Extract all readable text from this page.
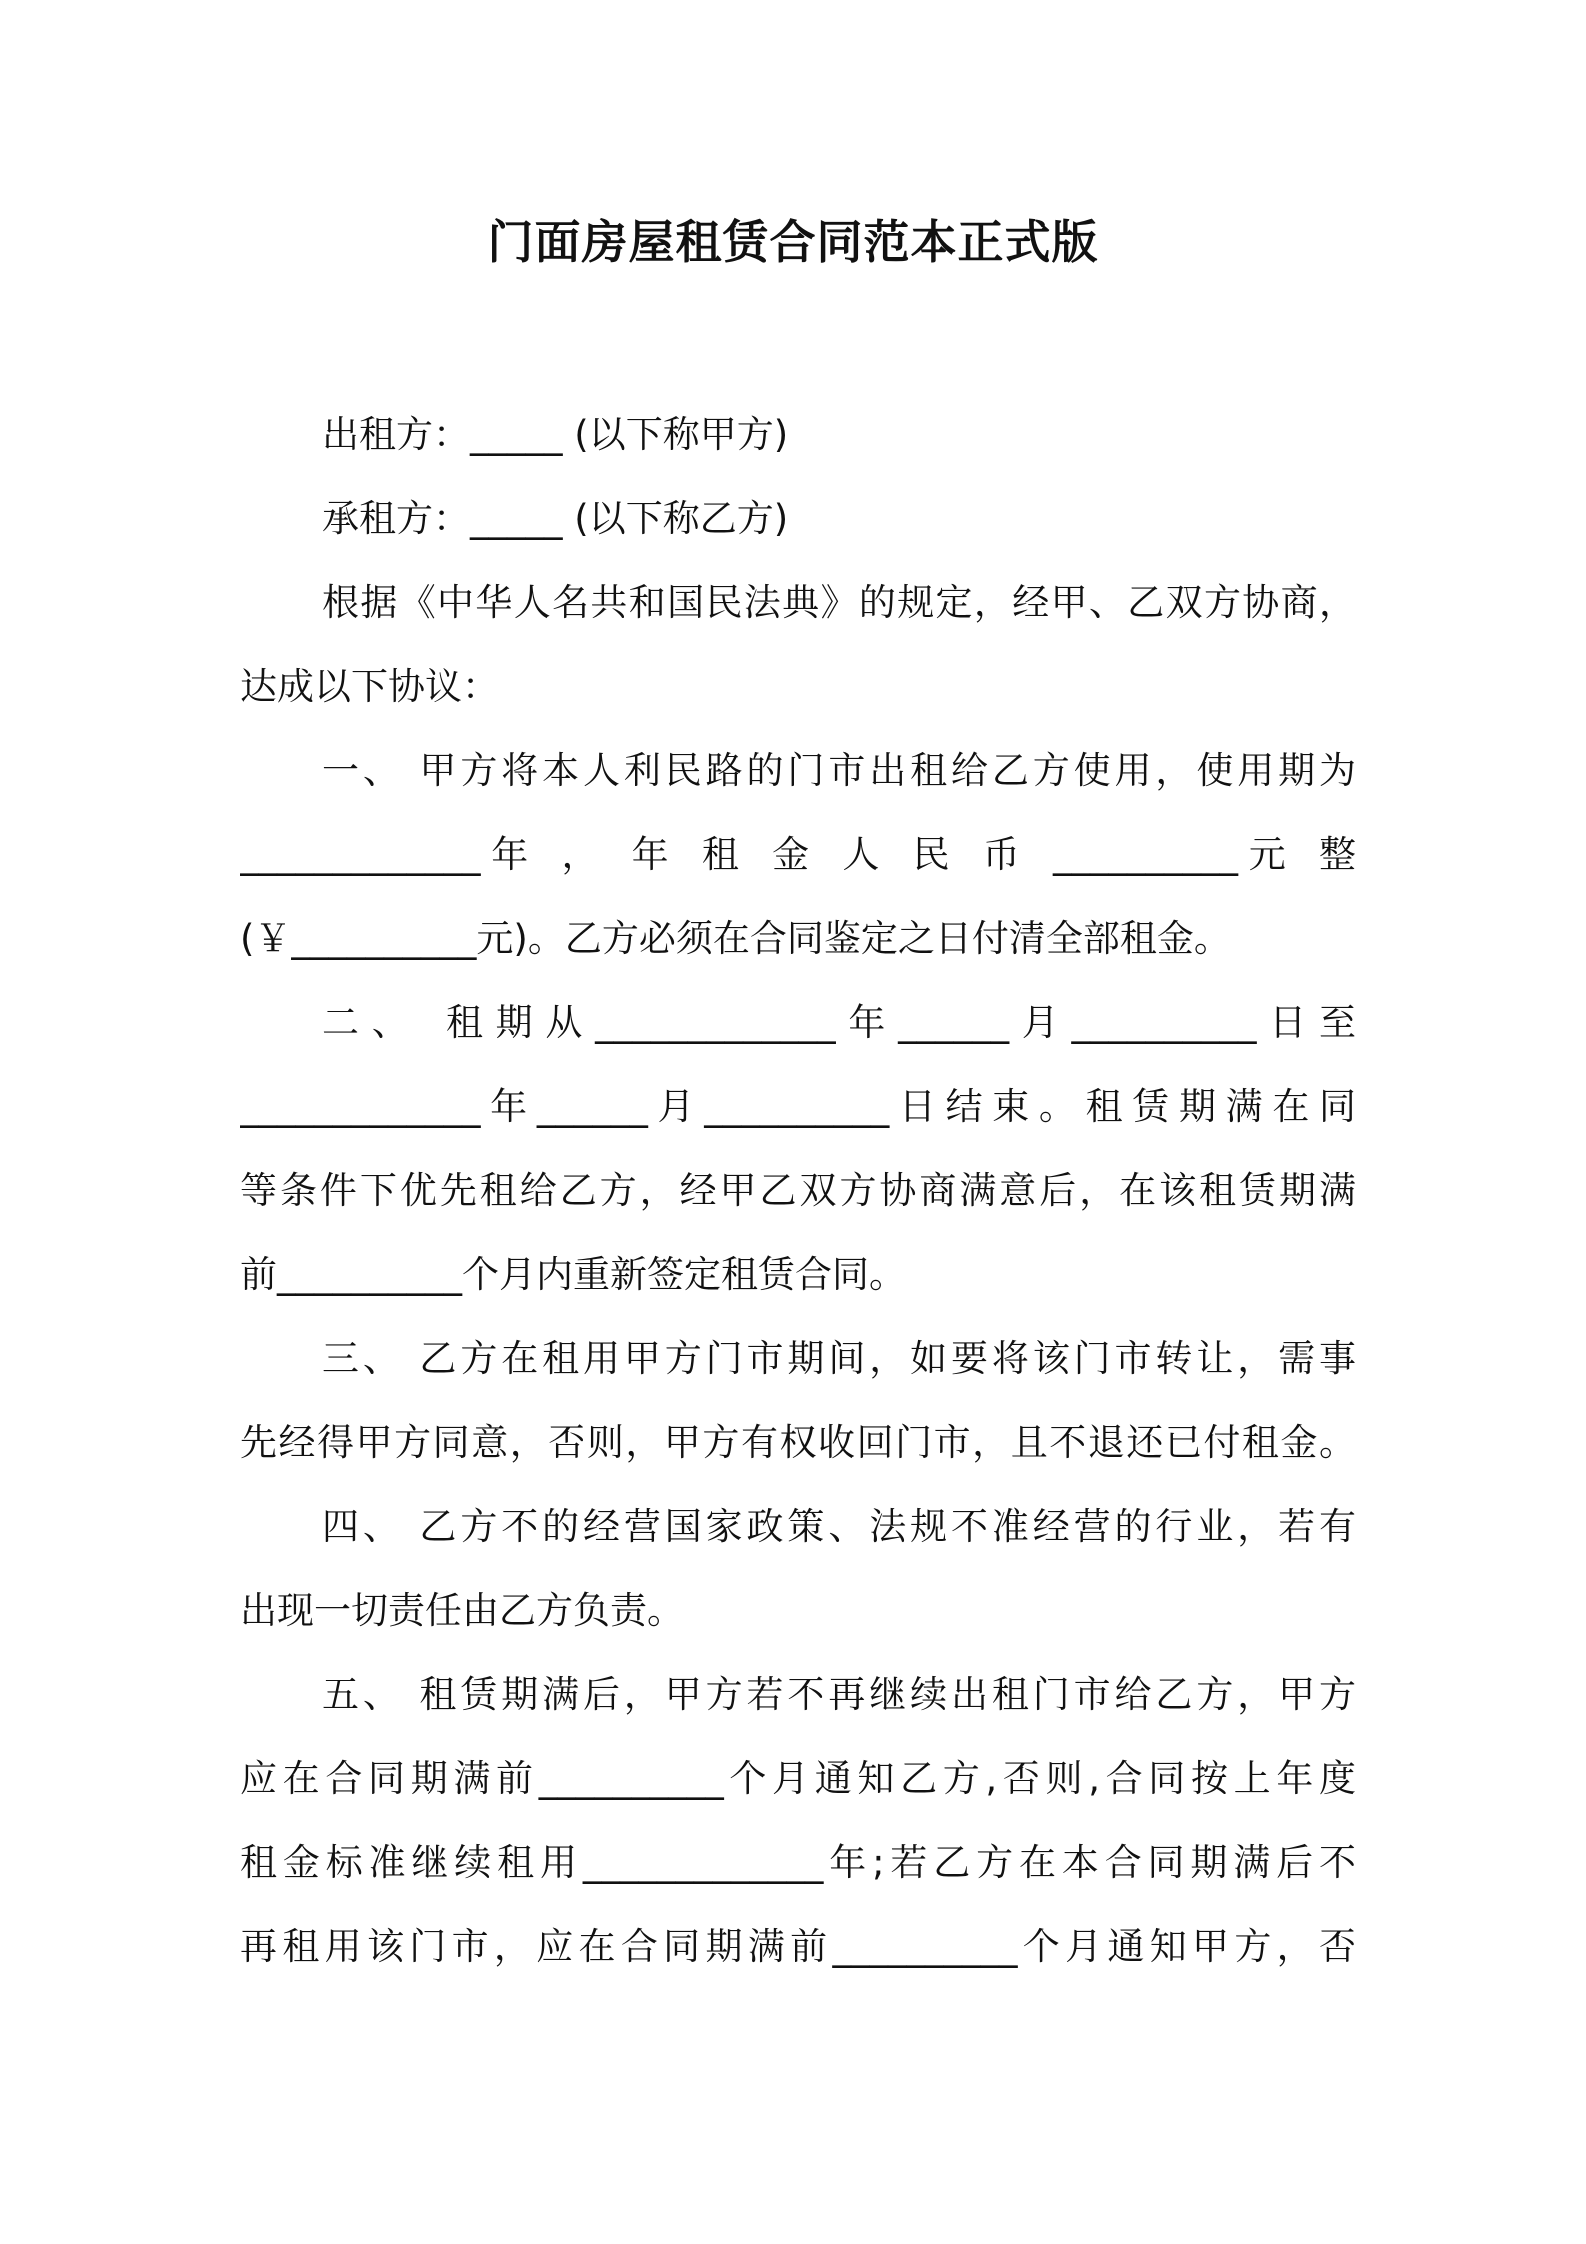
门面房屋租赁合同范本正式版
出租方：_____ (以下称甲方)
承租方：_____ (以下称乙方)
根据《中华人名共和国民法典》的规定，经甲、乙双方协商，
达成以下协议：
一、 甲方将本人利民路的门市出租给乙方使用，使用期为
_____________年 ， 年 租 金 人 民 币 __________元 整
(￥__________元)。乙方必须在合同鉴定之日付清全部租金。
二、 租期从_____________年______月__________日至
_____________年______月__________日结束。租赁期满在同
等条件下优先租给乙方，经甲乙双方协商满意后，在该租赁期满
前__________个月内重新签定租赁合同。
三、 乙方在租用甲方门市期间，如要将该门市转让，需事
先经得甲方同意，否则，甲方有权收回门市，且不退还已付租金。
四、 乙方不的经营国家政策、法规不准经营的行业，若有
出现一切责任由乙方负责。
五、 租赁期满后，甲方若不再继续出租门市给乙方，甲方
应在合同期满前__________个月通知乙方,否则,合同按上年度
租金标准继续租用_____________年;若乙方在本合同期满后不
再租用该门市，应在合同期满前__________个月通知甲方，否
